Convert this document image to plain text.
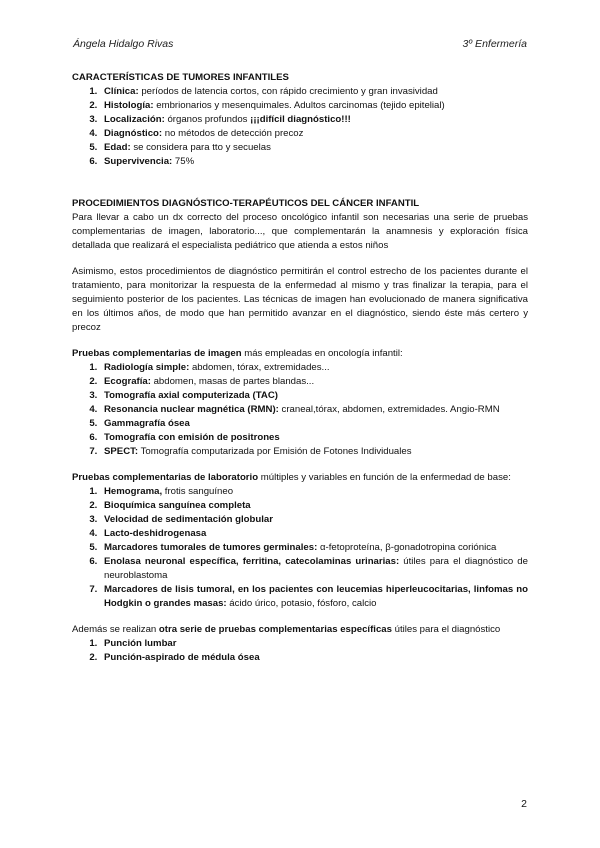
Ángela Hidalgo Rivas	3º Enfermería
CARACTERÍSTICAS DE TUMORES INFANTILES
1. Clínica: períodos de latencia cortos, con rápido crecimiento y gran invasividad
2. Histología: embrionarios y mesenquimales. Adultos carcinomas (tejido epitelial)
3. Localización: órganos profundos ¡¡¡difícil diagnóstico!!!
4. Diagnóstico: no métodos de detección precoz
5. Edad: se considera para tto y secuelas
6. Supervivencia: 75%
PROCEDIMIENTOS DIAGNÓSTICO-TERAPÉUTICOS DEL CÁNCER INFANTIL

Para llevar a cabo un dx correcto del proceso oncológico infantil son necesarias una serie de pruebas complementarias de imagen, laboratorio..., que complementarán la anamnesis y exploración física detallada que realizará el especialista pediátrico que atienda a estos niños

Asimismo, estos procedimientos de diagnóstico permitirán el control estrecho de los pacientes durante el tratamiento, para monitorizar la respuesta de la enfermedad al mismo y tras finalizar la terapia, para el seguimiento posterior de los pacientes. Las técnicas de imagen han evolucionado de manera significativa en los últimos años, de modo que han permitido avanzar en el diagnóstico, siendo éste más certero y precoz

Pruebas complementarias de imagen más empleadas en oncología infantil:

1. Radiología simple: abdomen, tórax, extremidades...
2. Ecografía: abdomen, masas de partes blandas...
3. Tomografía axial computerizada (TAC)
4. Resonancia nuclear magnética (RMN): craneal,tórax, abdomen, extremidades. Angio-RMN
5. Gammagrafía ósea
6. Tomografía con emisión de positrones
7. SPECT: Tomografía computarizada por Emisión de Fotones Individuales

Pruebas complementarias de laboratorio múltiples y variables en función de la enfermedad de base:

1. Hemograma, frotis sanguíneo
2. Bioquímica sanguínea completa
3. Velocidad de sedimentación globular
4. Lacto-deshidrogenasa
5. Marcadores tumorales de tumores germinales: α-fetoproteína, β-gonadotropina coriónica
6. Enolasa neuronal específica, ferritina, catecolaminas urinarias: útiles para el diagnóstico de neuroblastoma
7. Marcadores de lisis tumoral, en los pacientes con leucemias hiperleucocitarias, linfomas no Hodgkin o grandes masas: ácido úrico, potasio, fósforo, calcio

Además se realizan otra serie de pruebas complementarias específicas útiles para el diagnóstico

1. Punción lumbar
2. Punción-aspirado de médula ósea
2
